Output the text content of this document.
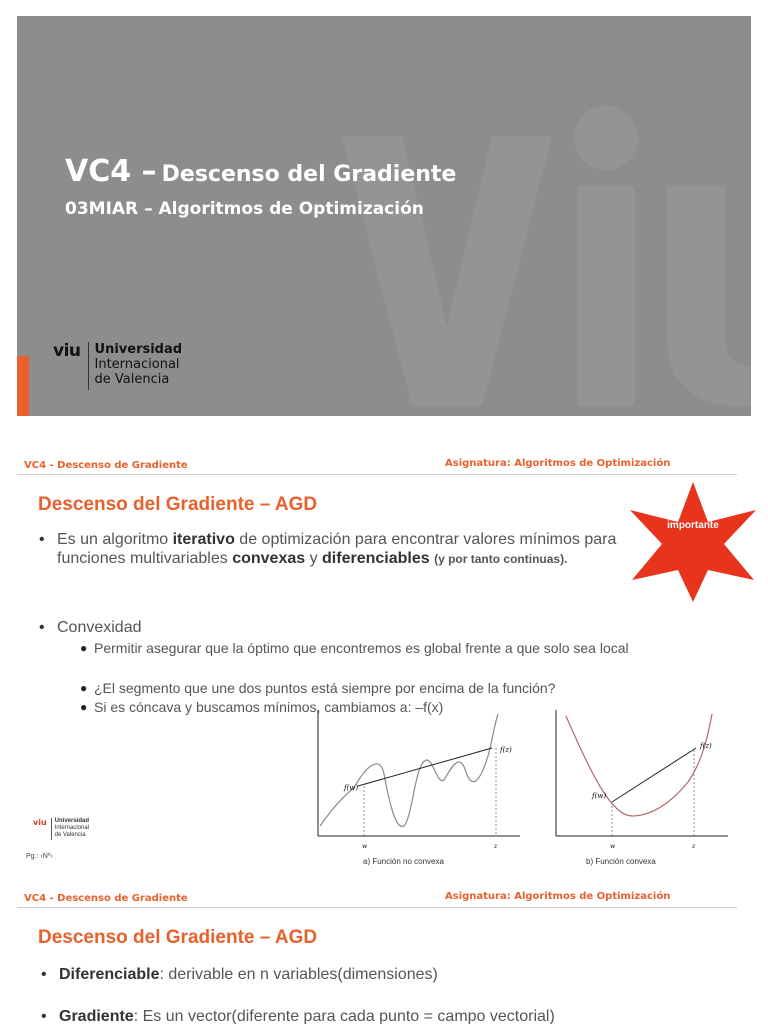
VC4 – Descenso del Gradiente
03MIAR – Algoritmos de Optimización
viu Universidad
Internacional
de Valencia
VC4 - Descenso de Gradiente	Asignatura: Algoritmos de Optimización
Descenso del Gradiente – AGD
importante
• Es un algoritmo iterativo de optimización para encontrar valores mínimos para funciones multivariables convexas y diferenciables (y por tanto continuas).
• Convexidad
● Permitir asegurar que la óptimo que encontremos es global frente a que solo sea local
● ¿El segmento que une dos puntos está siempre por encima de la función?
● Si es cóncava y buscamos mínimos, cambiamos a: –f(x)
f(w)
f(z)
w	z
a) Función no convexa
f(w)
f(z)
w	z
b) Función convexa
viu Universidad
Internacional
de Valencia
Pg.: ‹Nº›
VC4 - Descenso de Gradiente	Asignatura: Algoritmos de Optimización
Descenso del Gradiente – AGD
• Diferenciable: derivable en n variables(dimensiones)
• Gradiente: Es un vector(diferente para cada punto = campo vectorial)
